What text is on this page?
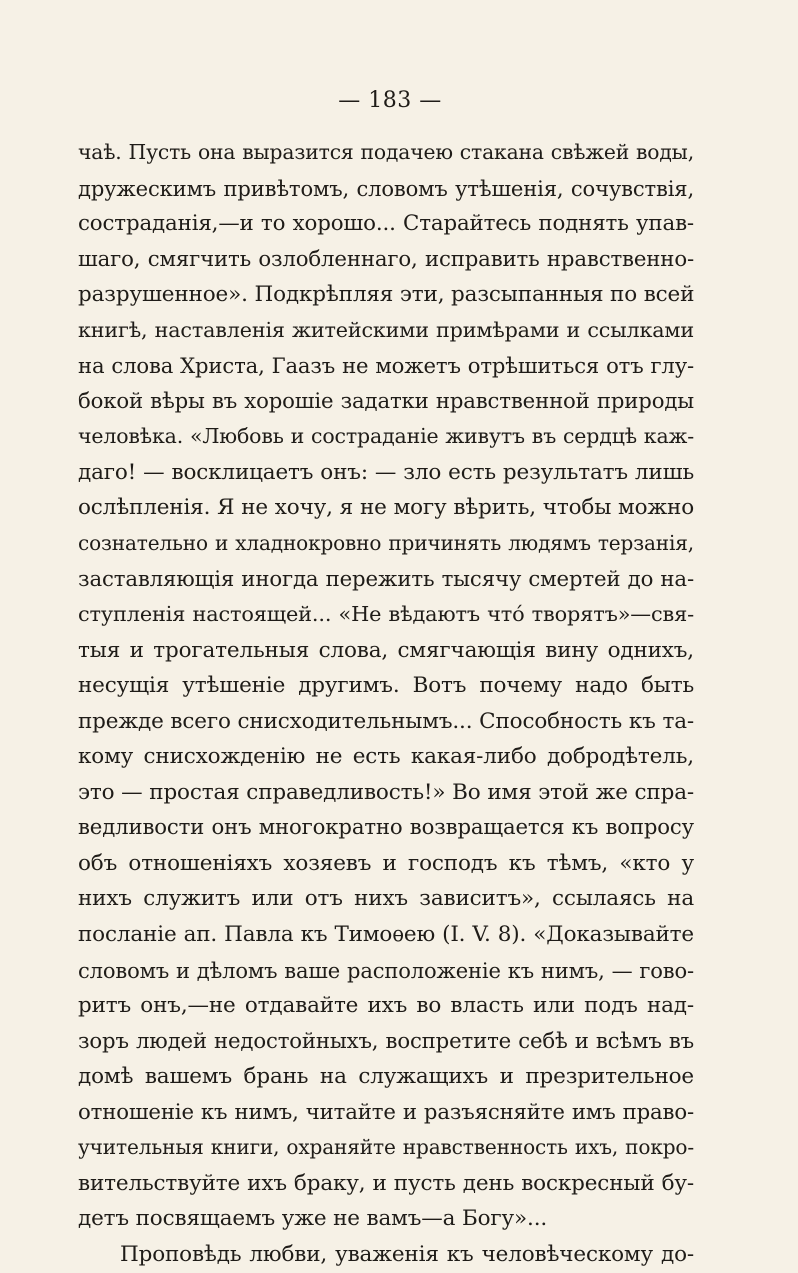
— 183 —
чаѣ. Пусть она выразится подачею стакана свѣжей воды,
дружескимъ привѣтомъ, словомъ утѣшенія, сочувствія,
состраданія,—и то хорошо... Старайтесь поднять упав-
шаго, смягчить озлобленнаго, исправить нравственно-
разрушенное». Подкрѣпляя эти, разсыпанныя по всей
книгѣ, наставленія житейскими примѣрами и ссылками
на слова Христа, Гаазъ не можетъ отрѣшиться отъ глу-
бокой вѣры въ хорошіе задатки нравственной природы
человѣка. «Любовь и состраданіе живутъ въ сердцѣ каж-
даго! — восклицаетъ онъ: — зло есть результатъ лишь
ослѣпленія. Я не хочу, я не могу вѣрить, чтобы можно
сознательно и хладнокровно причинять людямъ терзанія,
заставляющія иногда пережить тысячу смертей до на-
ступленія настоящей... «Не вѣдаютъ что́ творятъ»—свя-
тыя и трогательныя слова, смягчающія вину однихъ,
несущія утѣшеніе другимъ. Вотъ почему надо быть
прежде всего снисходительнымъ... Способность къ та-
кому снисхожденію не есть какая-либо добродѣтель,
это — простая справедливость!» Во имя этой же спра-
ведливости онъ многократно возвращается къ вопросу
объ отношеніяхъ хозяевъ и господъ къ тѣмъ, «кто у
нихъ служитъ или отъ нихъ зависитъ», ссылаясь на
посланіе ап. Павла къ Тимоѳею (I. V. 8). «Доказывайте
словомъ и дѣломъ ваше расположеніе къ нимъ, — гово-
ритъ онъ,—не отдавайте ихъ во власть или подъ над-
зоръ людей недостойныхъ, воспретите себѣ и всѣмъ въ
домѣ вашемъ брань на служащихъ и презрительное
отношеніе къ нимъ, читайте и разъясняйте имъ право-
учительныя книги, охраняйте нравственность ихъ, покро-
вительствуйте ихъ браку, и пусть день воскресный бу-
детъ посвящаемъ уже не вамъ—а Богу»...
Проповѣдь любви, уваженія къ человѣческому до-
